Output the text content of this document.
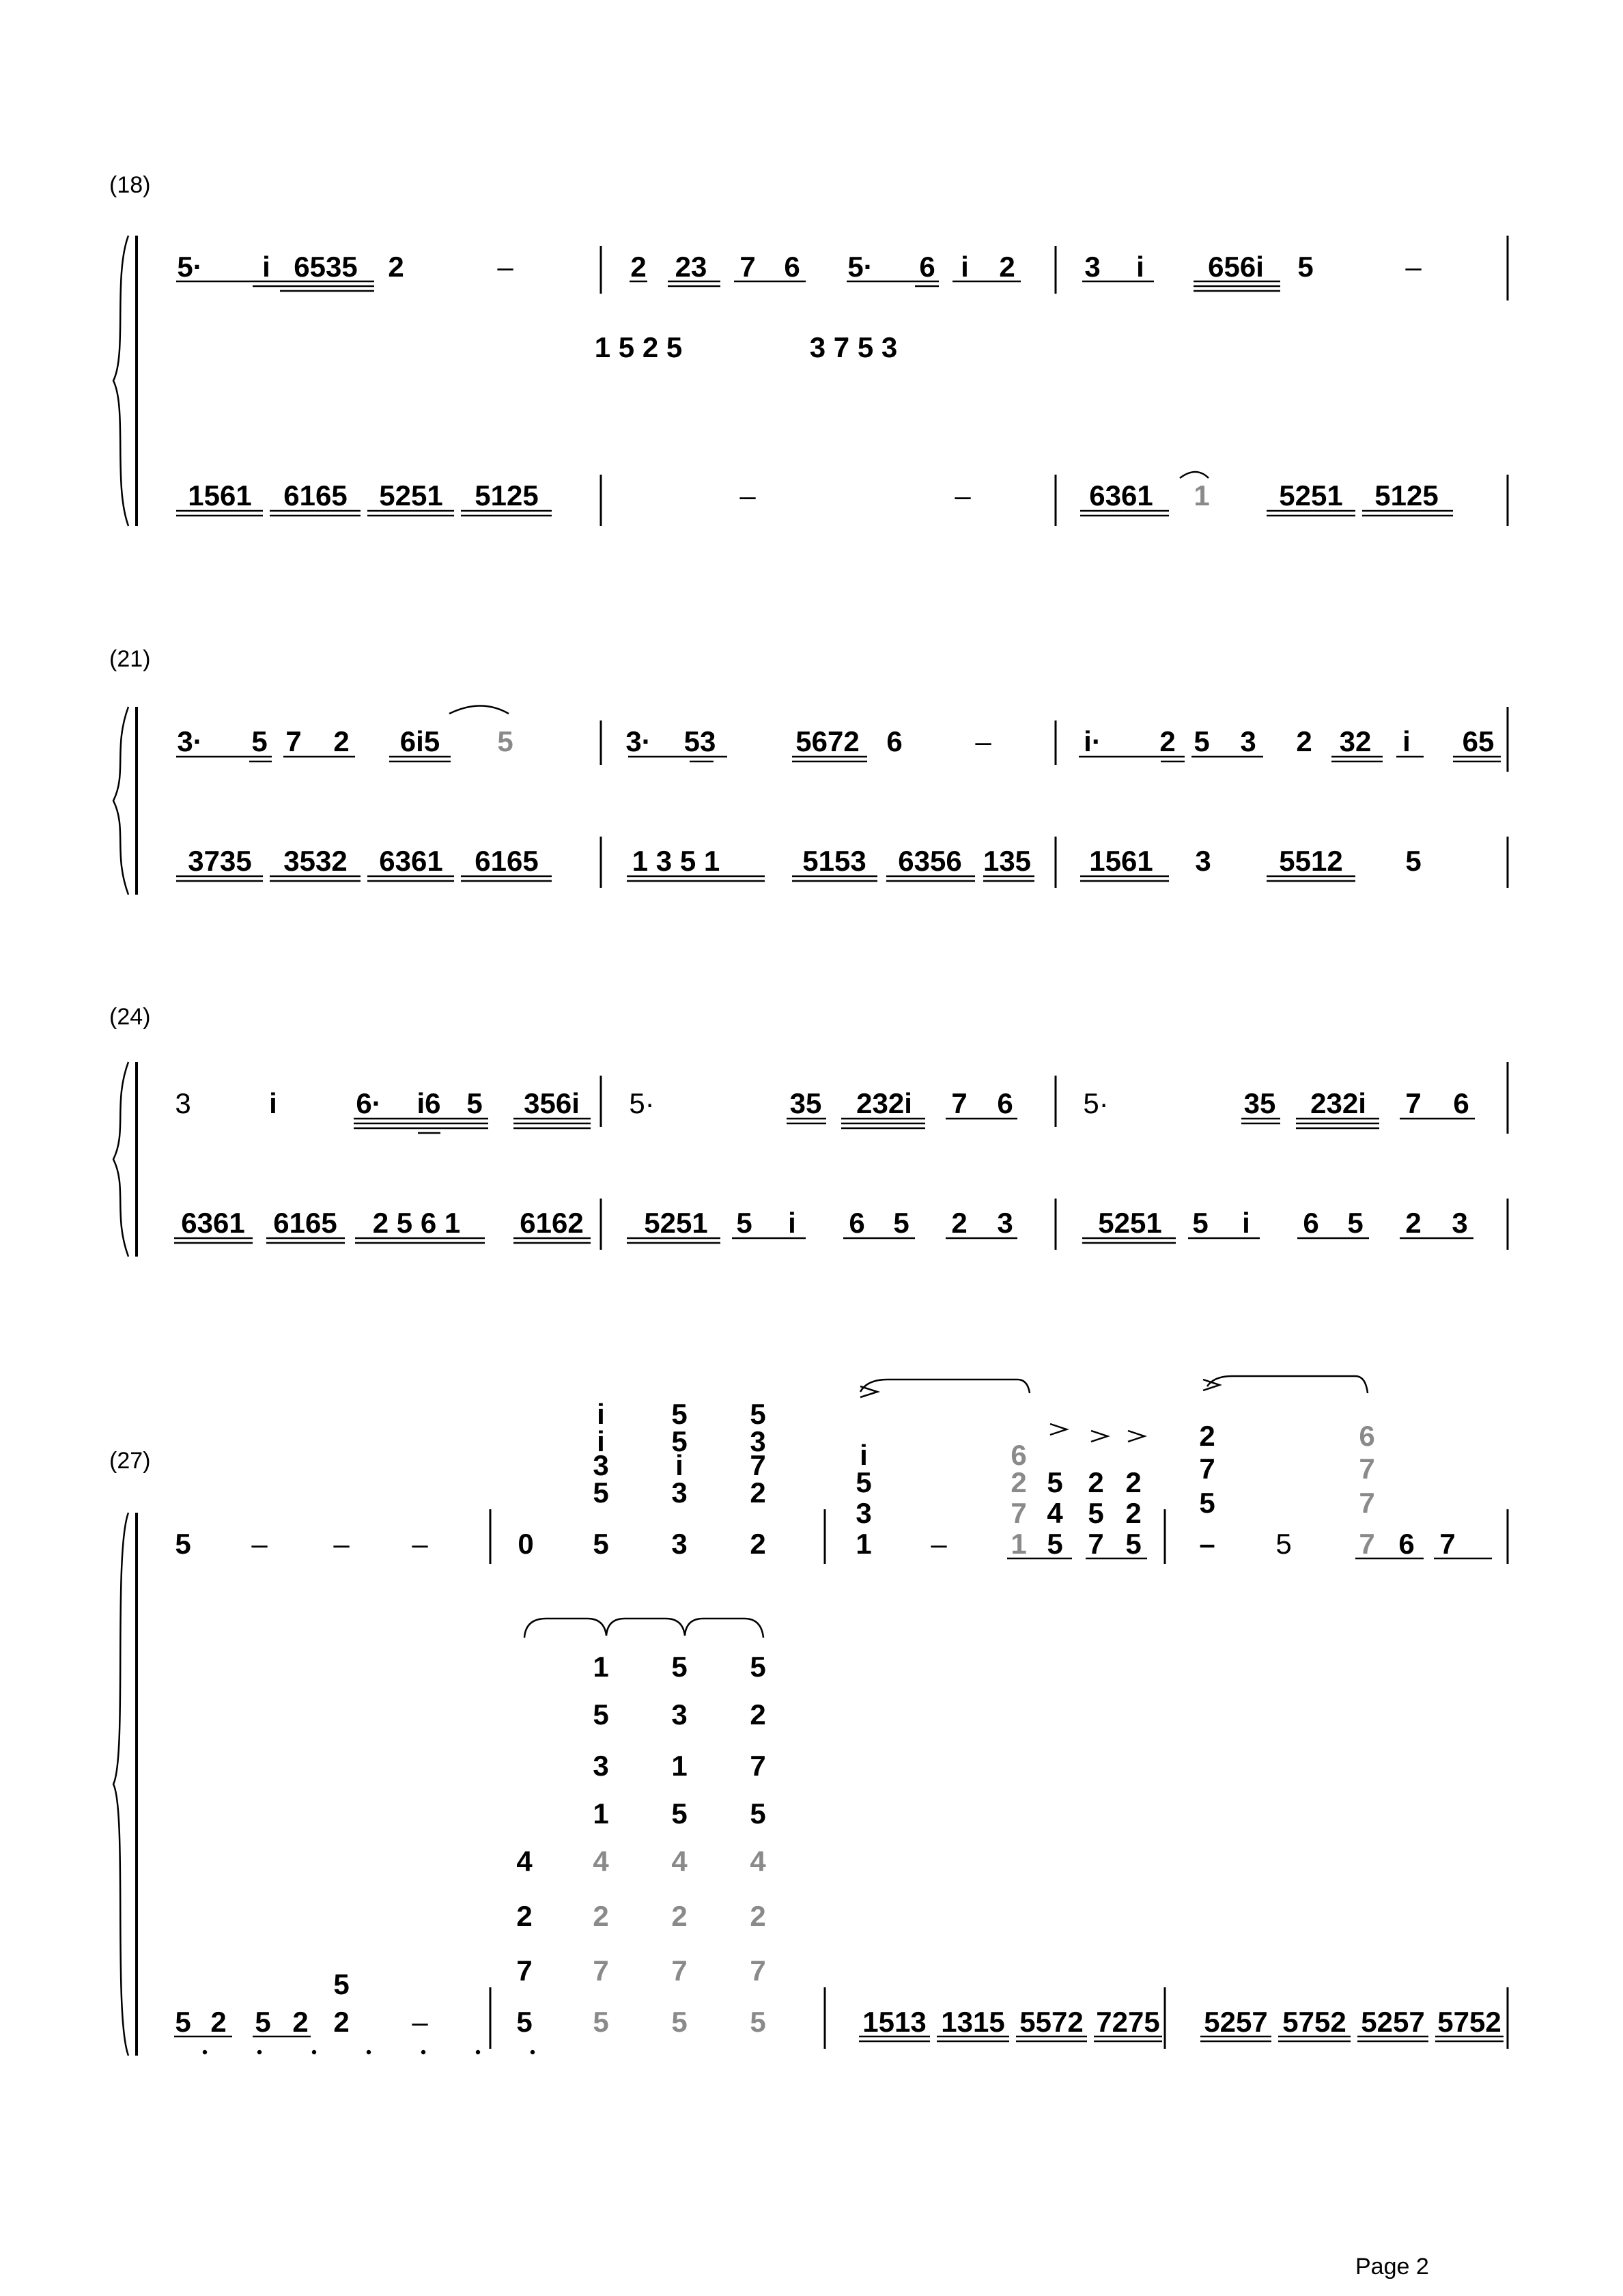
5· i 6535 2	–	2 23 7 6 5· 6 i 2 3 i 656i 5	–
1561 6165 5251 5125
1 5 2 5
–
3 7 5 3
–	6361 1 5251 5125
3· 5 7 2 6i5 5	3· 53	5672 6	–	i· 2 5 3 2 32 i 65
3735 3532 6361 6165	1 3 5 1	5153 6356 135 1561 3 5512 5
3	i	6· i6 5 356i 5·	35 232i 7 6 5·	35 232i 7 6
6361 6165 2 5 6 1 6162 5251 5 i 6 5 2 3	5251 5 i 6 5 2 3
5 – – –	0 5 3 2
3 i 7
i 5 5
5 3 2
i 5 3
1 –
i
5
3
1
2
7
6
5
4
5 2 2
5 2
7 5 – 5
2
7
5
7
6
7
7
6 7
5 2 5 2
5
2 –
4
2
7
5
1
5
3
1
4
2
7
5
5
3
1
5
4
2
7
5
5
2
7
5
4
2
7
5	1513 1315 5572 7275 5257 5752 5257 5752
(18)
(21)
(24)
(27)
Page 2
